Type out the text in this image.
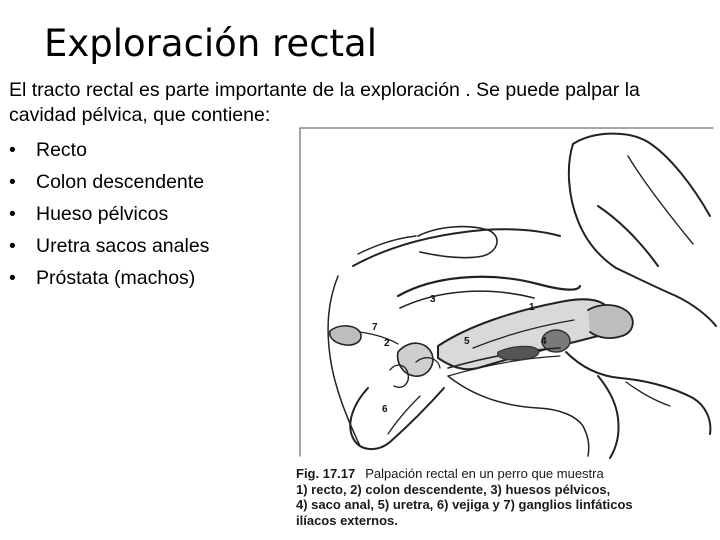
Exploración rectal

El tracto rectal es parte importante de la exploración . Se puede palpar la cavidad pélvica, que contiene:

• Recto
• Colon descendente
• Hueso pélvicos
• Uretra sacos anales
• Próstata (machos)
1
2
3
4
5
6
7
Fig. 17.17 Palpación rectal en un perro que muestra
1) recto, 2) colon descendente, 3) huesos pélvicos,
4) saco anal, 5) uretra, 6) vejiga y 7) ganglios linfáticos
ilíacos externos.
